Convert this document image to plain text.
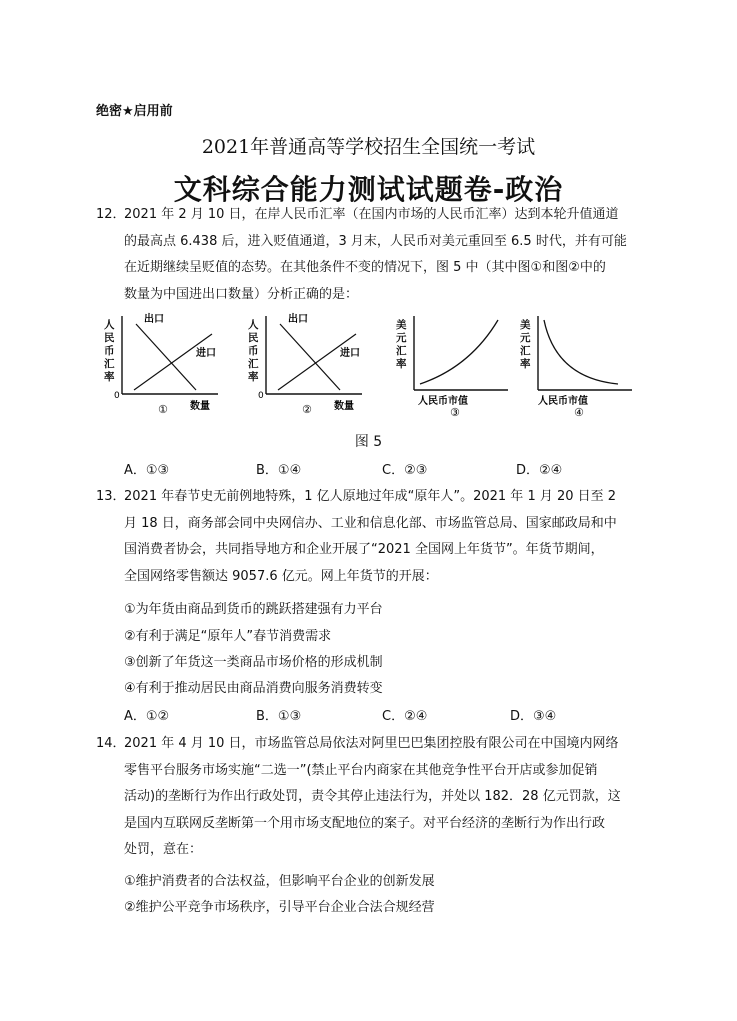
绝密★启用前
2021年普通高等学校招生全国统一考试
文科综合能力测试试题卷-政治
12．
2021 年 2 月 10 日，在岸人民币汇率（在国内市场的人民币汇率）达到本轮升值通道
的最高点 6.438 后，进入贬值通道，3 月末，人民币对美元重回至 6.5 时代，并有可能
在近期继续呈贬值的态势。在其他条件不变的情况下，图 5 中（其中图①和图②中的
数量为中国进出口数量）分析正确的是：
人
民
币
汇
率
出口
进口
0
① 数量
人
民
币
汇
率
出口
进口
0
② 数量
美
元
汇
率
人民币市值
③
美
元
汇
率
人民币市值
④
图 5
A．①③	B．①④	C．②③	D．②④
13．
2021 年春节史无前例地特殊，1 亿人原地过年成“原年人”。2021 年 1 月 20 日至 2
月 18 日，商务部会同中央网信办、工业和信息化部、市场监管总局、国家邮政局和中
国消费者协会，共同指导地方和企业开展了“2021 全国网上年货节”。年货节期间，
全国网络零售额达 9057.6 亿元。网上年货节的开展：
①为年货由商品到货币的跳跃搭建强有力平台
②有利于满足“原年人”春节消费需求
③创新了年货这一类商品市场价格的形成机制
④有利于推动居民由商品消费向服务消费转变
A．①②	B．①③	C．②④	D．③④
14．
2021 年 4 月 10 日，市场监管总局依法对阿里巴巴集团控股有限公司在中国境内网络
零售平台服务市场实施“二选一”(禁止平台内商家在其他竞争性平台开店或参加促销
活动)的垄断行为作出行政处罚，责令其停止违法行为，并处以 182．28 亿元罚款，这
是国内互联网反垄断第一个用市场支配地位的案子。对平台经济的垄断行为作出行政
处罚，意在：
①维护消费者的合法权益，但影响平台企业的创新发展
②维护公平竞争市场秩序，引导平台企业合法合规经营
